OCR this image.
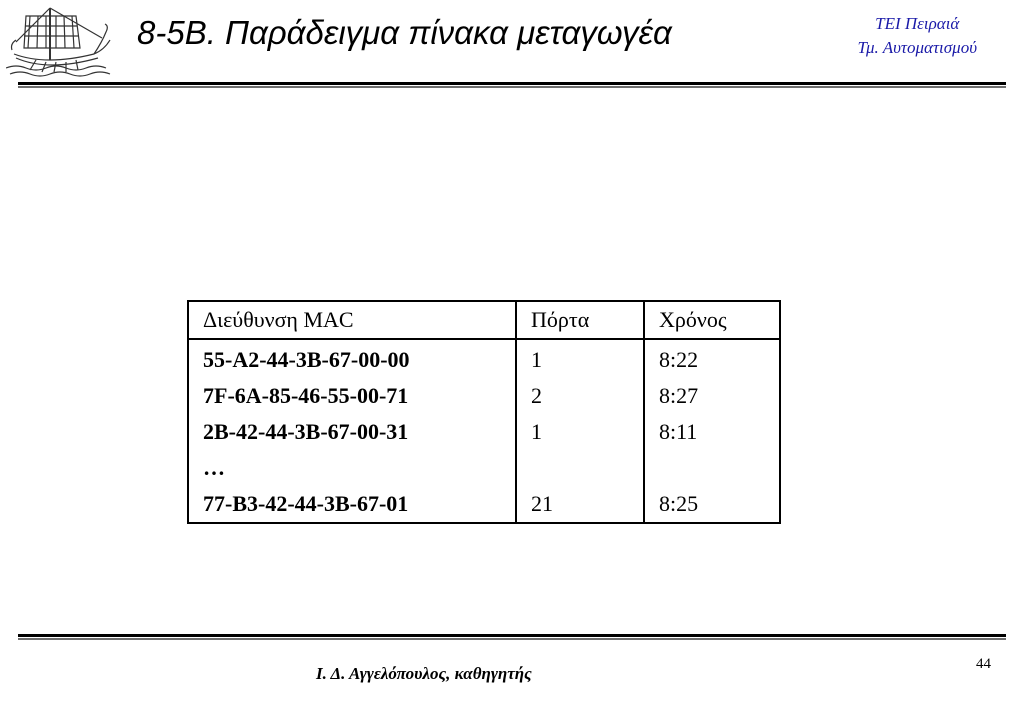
8-5B. Παράδειγμα πίνακα μεταγωγέα	ΤΕΙ Πειραιά
Τμ. Αυτοματισμού
Διεύθυνση MAC	Πόρτα	Χρόνος
55-A2-44-3B-67-00-00	1	8:22
7F-6A-85-46-55-00-71	2	8:27
2B-42-44-3B-67-00-31	1	8:11
…		
77-B3-42-44-3B-67-01	21	8:25
Ι. Δ. Αγγελόπουλος, καθηγητής	44
